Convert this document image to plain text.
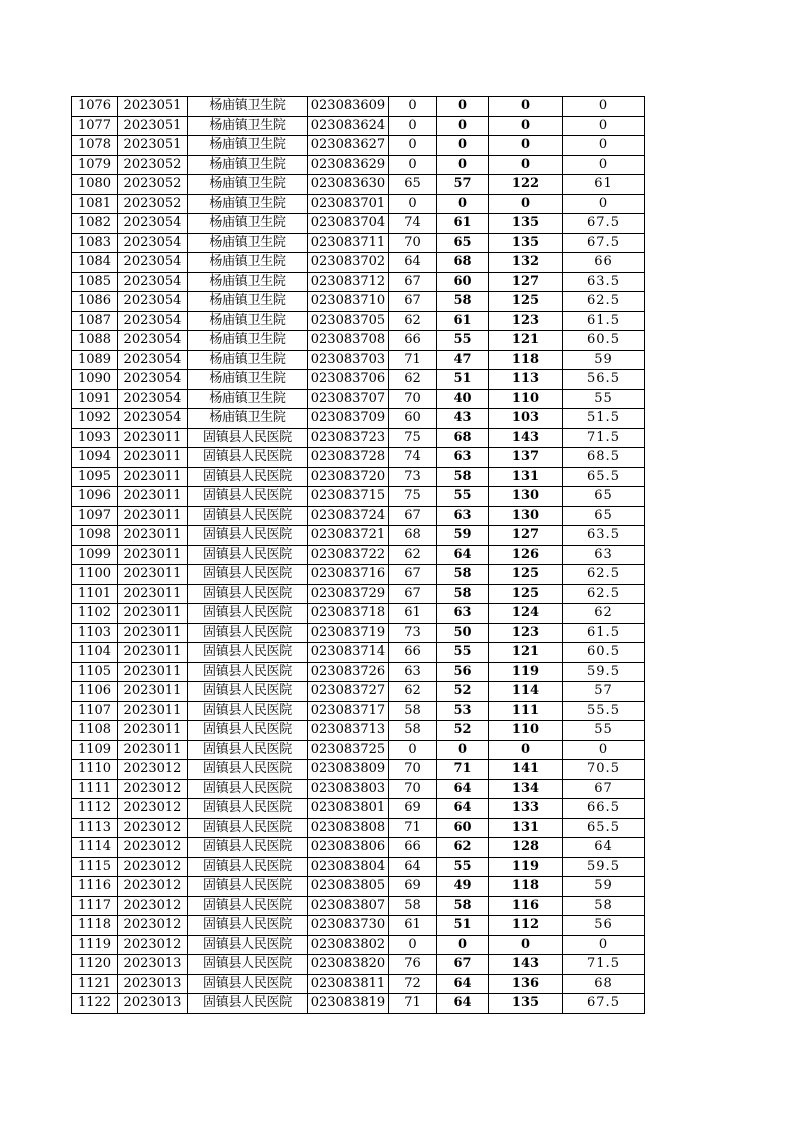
1076	2023051	杨庙镇卫生院	023083609	0	0	0	0
1077	2023051	杨庙镇卫生院	023083624	0	0	0	0
1078	2023051	杨庙镇卫生院	023083627	0	0	0	0
1079	2023052	杨庙镇卫生院	023083629	0	0	0	0
1080	2023052	杨庙镇卫生院	023083630	65	57	122	61
1081	2023052	杨庙镇卫生院	023083701	0	0	0	0
1082	2023054	杨庙镇卫生院	023083704	74	61	135	67.5
1083	2023054	杨庙镇卫生院	023083711	70	65	135	67.5
1084	2023054	杨庙镇卫生院	023083702	64	68	132	66
1085	2023054	杨庙镇卫生院	023083712	67	60	127	63.5
1086	2023054	杨庙镇卫生院	023083710	67	58	125	62.5
1087	2023054	杨庙镇卫生院	023083705	62	61	123	61.5
1088	2023054	杨庙镇卫生院	023083708	66	55	121	60.5
1089	2023054	杨庙镇卫生院	023083703	71	47	118	59
1090	2023054	杨庙镇卫生院	023083706	62	51	113	56.5
1091	2023054	杨庙镇卫生院	023083707	70	40	110	55
1092	2023054	杨庙镇卫生院	023083709	60	43	103	51.5
1093	2023011	固镇县人民医院	023083723	75	68	143	71.5
1094	2023011	固镇县人民医院	023083728	74	63	137	68.5
1095	2023011	固镇县人民医院	023083720	73	58	131	65.5
1096	2023011	固镇县人民医院	023083715	75	55	130	65
1097	2023011	固镇县人民医院	023083724	67	63	130	65
1098	2023011	固镇县人民医院	023083721	68	59	127	63.5
1099	2023011	固镇县人民医院	023083722	62	64	126	63
1100	2023011	固镇县人民医院	023083716	67	58	125	62.5
1101	2023011	固镇县人民医院	023083729	67	58	125	62.5
1102	2023011	固镇县人民医院	023083718	61	63	124	62
1103	2023011	固镇县人民医院	023083719	73	50	123	61.5
1104	2023011	固镇县人民医院	023083714	66	55	121	60.5
1105	2023011	固镇县人民医院	023083726	63	56	119	59.5
1106	2023011	固镇县人民医院	023083727	62	52	114	57
1107	2023011	固镇县人民医院	023083717	58	53	111	55.5
1108	2023011	固镇县人民医院	023083713	58	52	110	55
1109	2023011	固镇县人民医院	023083725	0	0	0	0
1110	2023012	固镇县人民医院	023083809	70	71	141	70.5
1111	2023012	固镇县人民医院	023083803	70	64	134	67
1112	2023012	固镇县人民医院	023083801	69	64	133	66.5
1113	2023012	固镇县人民医院	023083808	71	60	131	65.5
1114	2023012	固镇县人民医院	023083806	66	62	128	64
1115	2023012	固镇县人民医院	023083804	64	55	119	59.5
1116	2023012	固镇县人民医院	023083805	69	49	118	59
1117	2023012	固镇县人民医院	023083807	58	58	116	58
1118	2023012	固镇县人民医院	023083730	61	51	112	56
1119	2023012	固镇县人民医院	023083802	0	0	0	0
1120	2023013	固镇县人民医院	023083820	76	67	143	71.5
1121	2023013	固镇县人民医院	023083811	72	64	136	68
1122	2023013	固镇县人民医院	023083819	71	64	135	67.5
